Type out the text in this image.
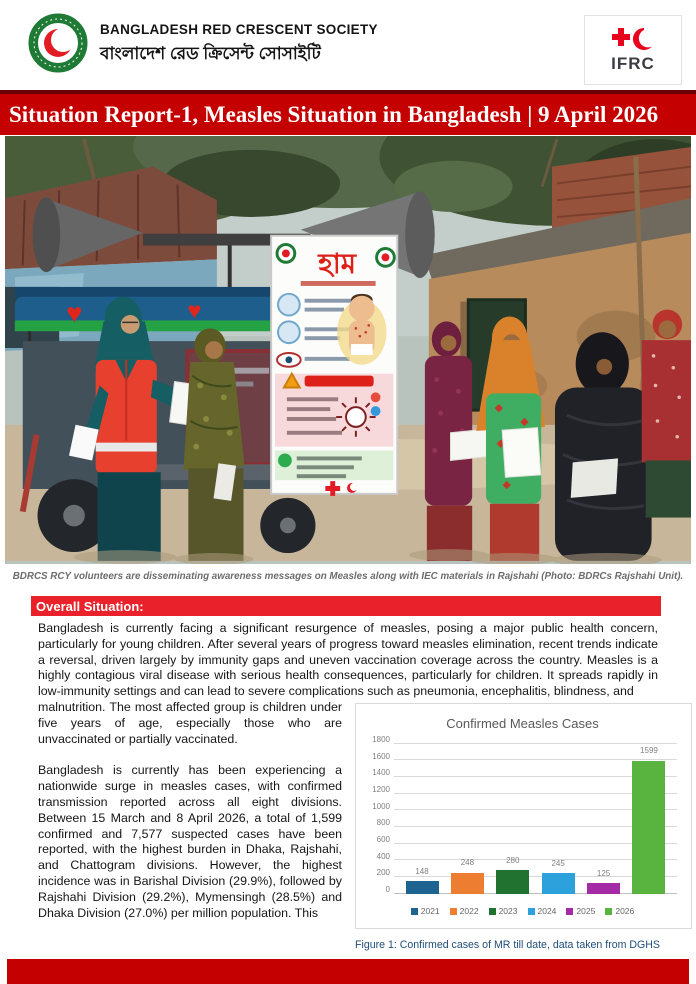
BANGLADESH RED CRESCENT SOCIETY
বাংলাদেশ রেড ক্রিসেন্ট সোসাইটি
IFRC
Situation Report-1, Measles Situation in Bangladesh | 9 April 2026
♥	♥
হাম
BDRCS RCY volunteers are disseminating awareness messages on Measles along with IEC materials in Rajshahi (Photo: BDRCs Rajshahi Unit).
Overall Situation:

Bangladesh is currently facing a significant resurgence of measles, posing a major public health concern, particularly for young children. After several years of progress toward measles elimination, recent trends indicate a reversal, driven largely by immunity gaps and uneven vaccination coverage across the country. Measles is a highly contagious viral disease with serious health consequences, particularly for children. It spreads rapidly in low-immunity settings and can lead to severe complications such as pneumonia, encephalitis, blindness, and

malnutrition. The most affected group is children under five years of age, especially those who are unvaccinated or partially vaccinated.

Bangladesh is currently has been experiencing a nationwide surge in measles cases, with confirmed transmission reported across all eight divisions. Between 15 March and 8 April 2026, a total of 1,599 confirmed and 7,577 suspected cases have been reported, with the highest burden in Dhaka, Rajshahi, and Chattogram divisions. However, the highest incidence was in Barishal Division (29.9%), followed by Rajshahi Division (29.2%), Mymensingh (28.5%) and Dhaka Division (27.0%) per million population. This

Confirmed Measles Cases
0
200
400
600
800
1000
1200
1400
1600
1800
148
248	280	245
125
1599
2021 2022 2023 2024 2025 2026
Figure 1: Confirmed cases of MR till date, data taken from DGHS
